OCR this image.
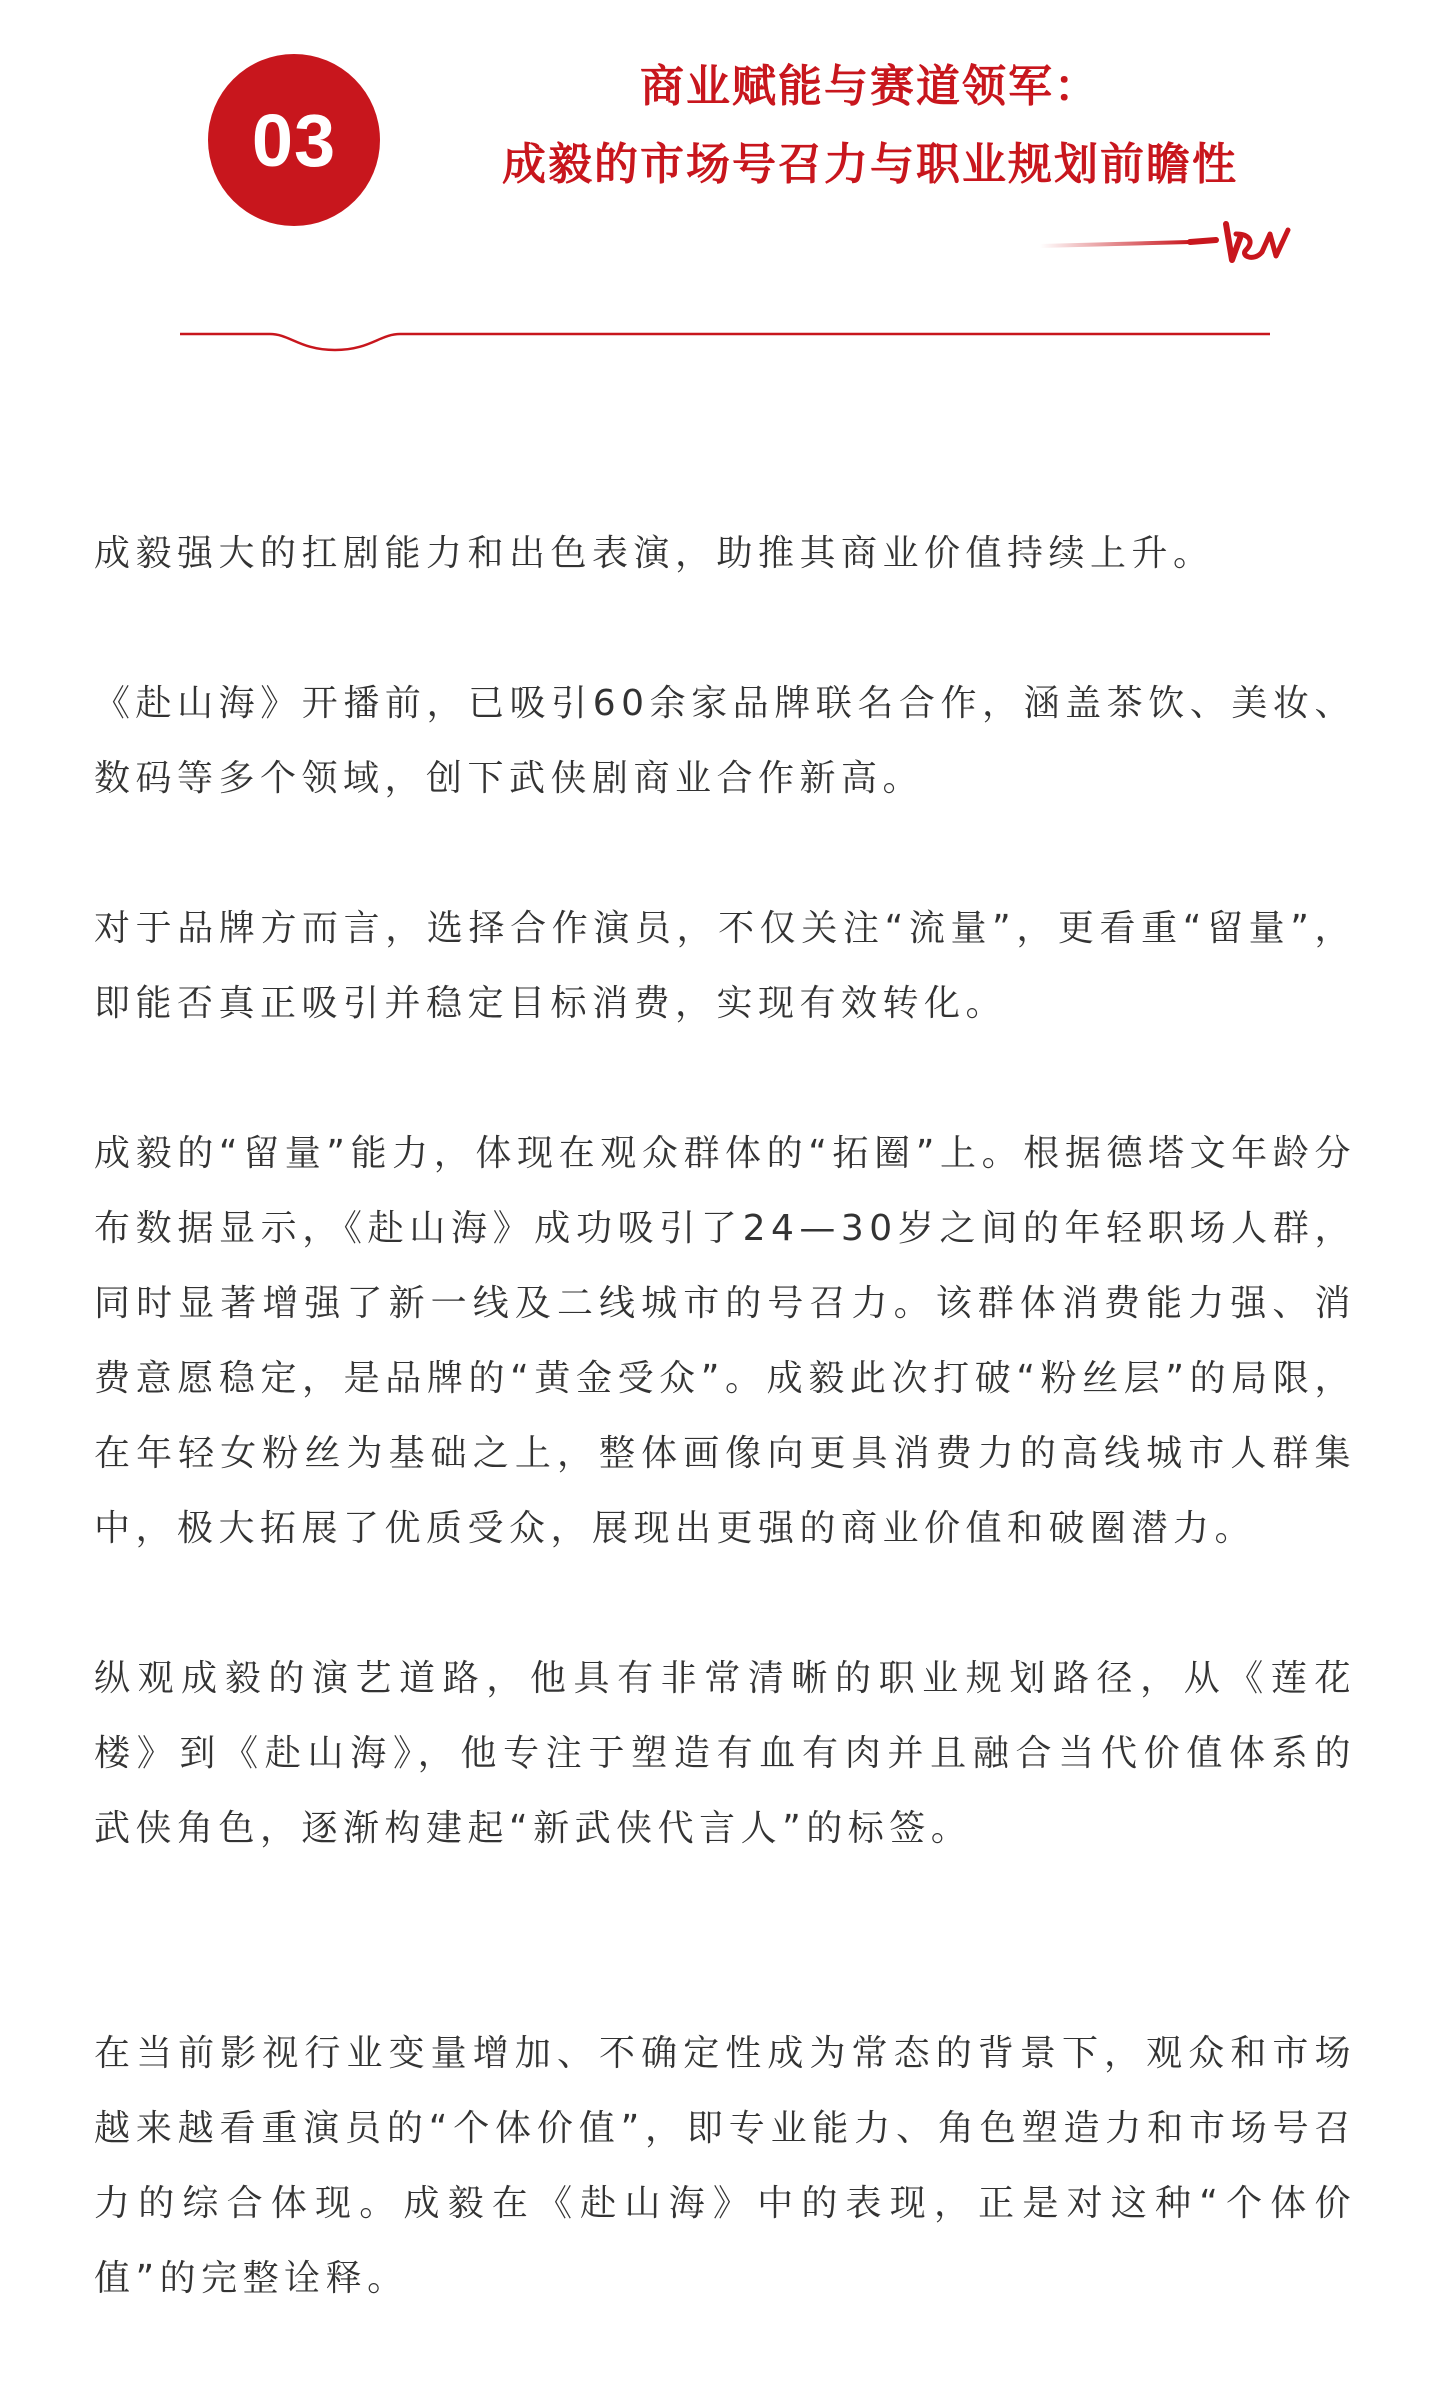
03
商业赋能与赛道领军：
成毅的市场号召力与职业规划前瞻性

成毅强大的扛剧能力和出色表演，助推其商业价值持续上升。

《赴山海》开播前，已吸引60余家品牌联名合作，涵盖茶饮、美妆、数码等多个领域，创下武侠剧商业合作新高。

对于品牌方而言，选择合作演员，不仅关注“流量”，更看重“留量”，即能否真正吸引并稳定目标消费，实现有效转化。

成毅的“留量”能力，体现在观众群体的“拓圈”上。根据德塔文年龄分布数据显示，《赴山海》成功吸引了24—30岁之间的年轻职场人群，同时显著增强了新一线及二线城市的号召力。该群体消费能力强、消费意愿稳定，是品牌的“黄金受众”。成毅此次打破“粉丝层”的局限，在年轻女粉丝为基础之上，整体画像向更具消费力的高线城市人群集中，极大拓展了优质受众，展现出更强的商业价值和破圈潜力。

纵观成毅的演艺道路，他具有非常清晰的职业规划路径，从《莲花楼》到《赴山海》，他专注于塑造有血有肉并且融合当代价值体系的武侠角色，逐渐构建起“新武侠代言人”的标签。

在当前影视行业变量增加、不确定性成为常态的背景下，观众和市场越来越看重演员的“个体价值”，即专业能力、角色塑造力和市场号召力的综合体现。成毅在《赴山海》中的表现，正是对这种“个体价值”的完整诠释。
